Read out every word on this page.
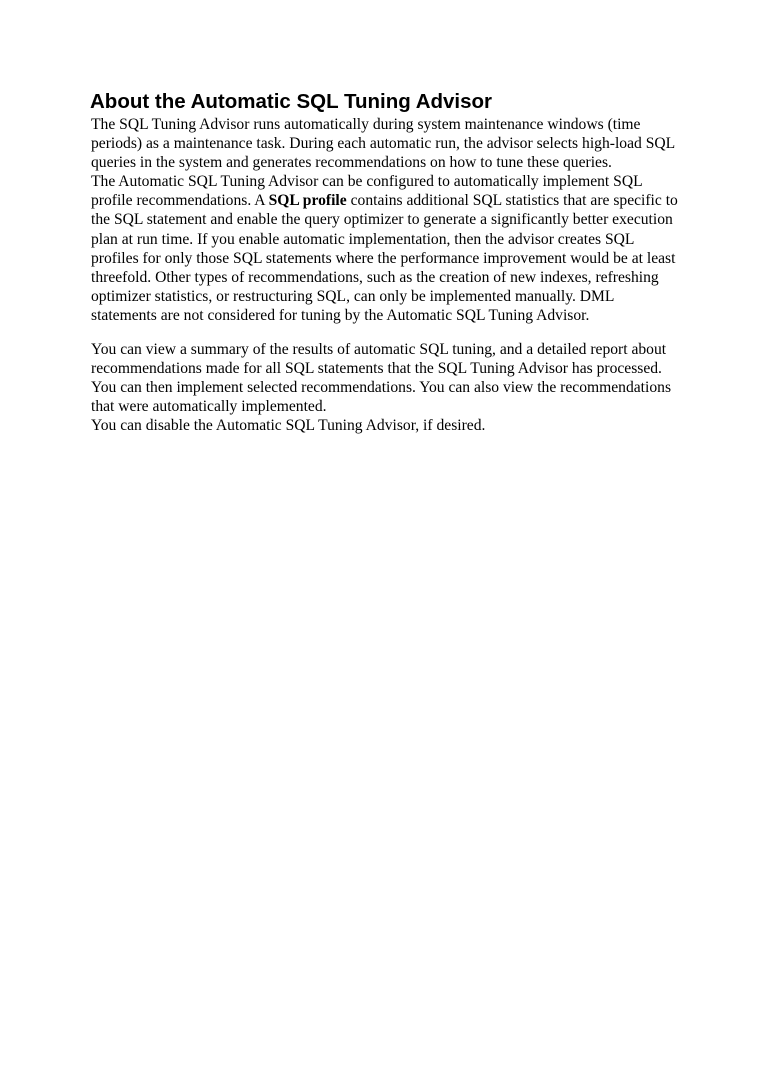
About the Automatic SQL Tuning Advisor

The SQL Tuning Advisor runs automatically during system maintenance windows (time periods) as a maintenance task. During each automatic run, the advisor selects high-load SQL queries in the system and generates recommendations on how to tune these queries.

The Automatic SQL Tuning Advisor can be configured to automatically implement SQL profile recommendations. A SQL profile contains additional SQL statistics that are specific to the SQL statement and enable the query optimizer to generate a significantly better execution plan at run time. If you enable automatic implementation, then the advisor creates SQL profiles for only those SQL statements where the performance improvement would be at least threefold. Other types of recommendations, such as the creation of new indexes, refreshing optimizer statistics, or restructuring SQL, can only be implemented manually. DML statements are not considered for tuning by the Automatic SQL Tuning Advisor.

You can view a summary of the results of automatic SQL tuning, and a detailed report about recommendations made for all SQL statements that the SQL Tuning Advisor has processed. You can then implement selected recommendations. You can also view the recommendations that were automatically implemented.

You can disable the Automatic SQL Tuning Advisor, if desired.
